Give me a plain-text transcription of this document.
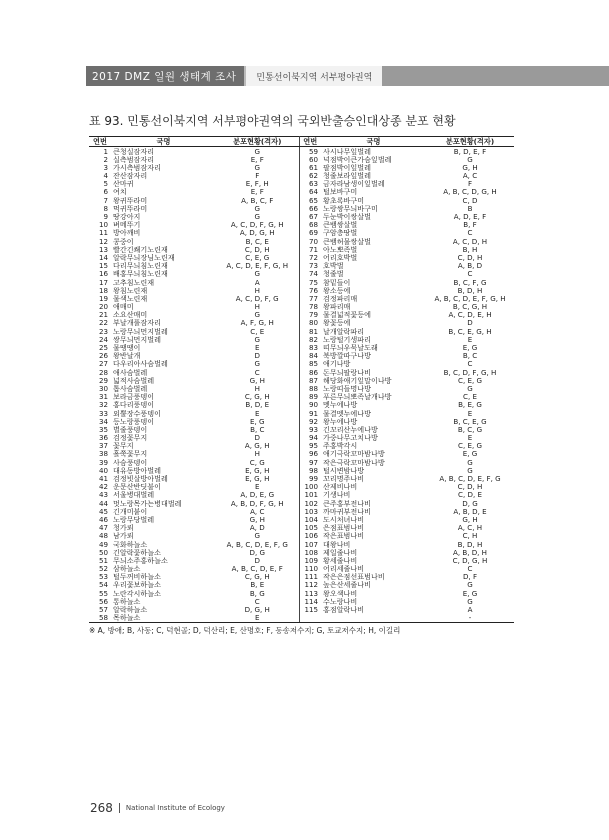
2017 DMZ 일원 생태계 조사	민통선이북지역 서부평야권역
표 93. 민통선이북지역 서부평야권역의 국외반출승인대상종 분포 현황
연번	국명	분포현황(격자)	연번	국명	분포현황(격자)
1	큰청실잠자리	G	59	사시나무잎벌레	B, D, E, F
2	실측범잠자리	E, F	60	넉점박이큰가슴잎벌레	G
3	가시측범잠자리	G	61	팔점박이잎벌레	G, H
4	잔산잠자리	F	62	청줄보라잎벌레	A, C
5	산마귀	E, F, H	63	금자라남생이잎벌레	F
6	여치	E, F	64	털보바구미	A, B, C, D, G, H
7	왕귀뚜라미	A, B, C, F	65	황초록바구미	C, D
8	먹귀뚜라미	G	66	노랑쌍무늬바구미	B
9	땅강아지	G	67	두눈박이쌍살벌	A, D, E, F
10	벼메뚜기	A, C, D, F, G, H	68	큰뱀쌍살벌	B, F
11	방아깨비	A, D, G, H	69	구암층땅벌	C
12	콩중이	B, C, E	70	큰뱀허물쌍살벌	A, C, D, H
13	빨간긴쐐기노린재	C, D, H	71	아노뽀족벌	B, H
14	알락무늬장님노린재	C, E, G	72	어리호박벌	C, D, H
15	다리무늬침노린재	A, C, D, E, F, G, H	73	호박벌	A, B, D
16	배홍무늬침노린재	G	74	청줄벌	C
17	고추침노린재	A	75	참밑들이	B, C, F, G
18	왕침노린재	H	76	왕소등에	B, D, H
19	물색노린재	A, C, D, F, G	77	검정파리매	A, B, C, D, E, F, G, H
20	애매미	H	78	왕파리매	B, C, G, H
21	소요산매미	G	79	물결넓적꽃등에	A, C, D, E, H
22	부날개풀잠자리	A, F, G, H	80	왕꽃등에	D
23	노랑무늬먼지벌레	C, E	81	날개알락파리	B, C, E, G, H
24	쌍무늬먼지벌레	G	82	노랑털기생파리	E
25	물땡땡이	E	83	띠무늬우묵날도래	E, G
26	왕반날개	D	84	북방깔따구나방	B, C
27	다우리아사슴벌레	G	85	애기나방	C
28	애사슴벌레	C	86	돈무늬팔랑나비	B, C, D, F, G, H
29	넓적사슴벌레	G, H	87	해당화애기잎말이나방	C, E, G
30	톱사슴벌레	H	88	노랑띠들명나방	G
31	보라금풍뎅이	C, G, H	89	푸른무늬뽀족날개나방	C, E
32	홍다리풍뎅이	B, D, E	90	멧누에나방	B, E, G
33	외뿔장수풍뎅이	E	91	물결멧누에나방	E
34	등노랑풍뎅이	E, G	92	왕누에나방	B, C, E, G
35	별줄풍뎅이	B, C	93	긴꼬리산누에나방	B, C, G
36	검정꽃무지	D	94	가중나무고치나방	E
37	꽃무지	A, G, H	95	주홍박각시	C, E, G
38	흘쭉꽃무지	H	96	애기극락꼬마밤나방	E, G
39	사슴풍뎅이	C, G	97	작은극락꼬마밤나방	G
40	대유동방아벌레	E, G, H	98	털시변밤나방	G
41	검정빗살방아벌레	E, G, H	99	꼬리명주나비	A, B, C, D, E, F, G
42	운문산반딧불이	E	100	산제비나비	C, D, H
43	서울병대벌레	A, D, E, G	101	기생나비	C, D, E
44	멋노랑목가는병대벌레	A, B, D, F, G, H	102	큰주홍부전나비	D, G
45	긴개미붙이	A, C	103	까마귀부전나비	A, B, D, E
46	노랑무당벌레	G, H	104	도시처녀나비	G, H
47	청가뢰	A, D	105	은점표범나비	A, C, H
48	남가뢰	G	106	작은표범나비	C, H
49	국화하늘소	A, B, C, D, E, F, G	107	대왕나비	B, D, H
50	긴알락꽃하늘소	D, G	108	제일줄나비	A, B, D, H
51	무늬소주홍하늘소	D	109	황세줄나비	C, D, G, H
52	삼하늘소	A, B, C, D, E, F	110	어리세줄나비	C
53	털두꺼비하늘소	C, G, H	111	작은은점선표범나비	D, F
54	우리꽃보하늘소	B, E	112	높은산세줄나비	G
55	노란각시하늘소	B, G	113	왕오색나비	E, G
56	통하늘소	C	114	수노랑나비	G
57	알락하늘소	D, G, H	115	홍점알락나비	A
58	목하늘소	E			-
※ A, 방애; B, 사동; C, 덕현골; D, 덕산리; E, 산명호; F, 동송저수지; G, 토교저수지; H, 이길리
268 National Institute of Ecology
